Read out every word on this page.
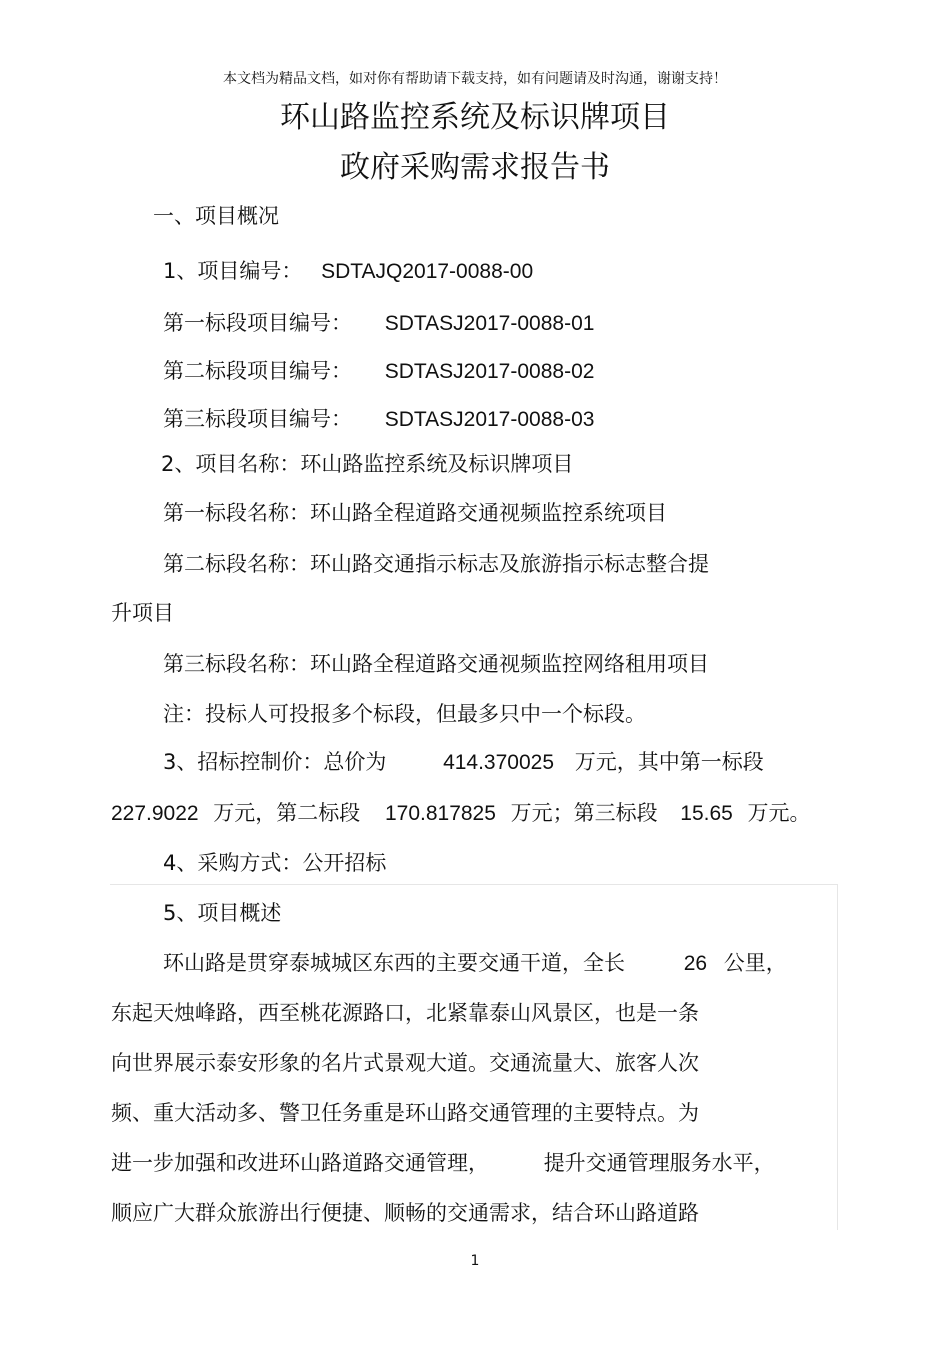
本文档为精品文档，如对你有帮助请下载支持，如有问题请及时沟通，谢谢支持！
环山路监控系统及标识牌项目
政府采购需求报告书
一、项目概况
1、项目编号： SDTAJQ2017-0088-00
第一标段项目编号： SDTASJ2017-0088-01
第二标段项目编号： SDTASJ2017-0088-02
第三标段项目编号： SDTASJ2017-0088-03
2、项目名称：环山路监控系统及标识牌项目
第一标段名称：环山路全程道路交通视频监控系统项目
第二标段名称：环山路交通指示标志及旅游指示标志整合提
升项目
第三标段名称：环山路全程道路交通视频监控网络租用项目
注：投标人可投报多个标段，但最多只中一个标段。
3、招标控制价：总价为	414.370025 万元，其中第一标段
227.9022 万元，第二标段 170.817825 万元；第三标段 15.65 万元。
4、采购方式：公开招标
5、项目概述
环山路是贯穿泰城城区东西的主要交通干道，全长	26 公里，
东起天烛峰路，西至桃花源路口，北紧靠泰山风景区，也是一条
向世界展示泰安形象的名片式景观大道。交通流量大、旅客人次
频、重大活动多、警卫任务重是环山路交通管理的主要特点。为
进一步加强和改进环山路道路交通管理，	提升交通管理服务水平，
顺应广大群众旅游出行便捷、顺畅的交通需求，结合环山路道路
1
